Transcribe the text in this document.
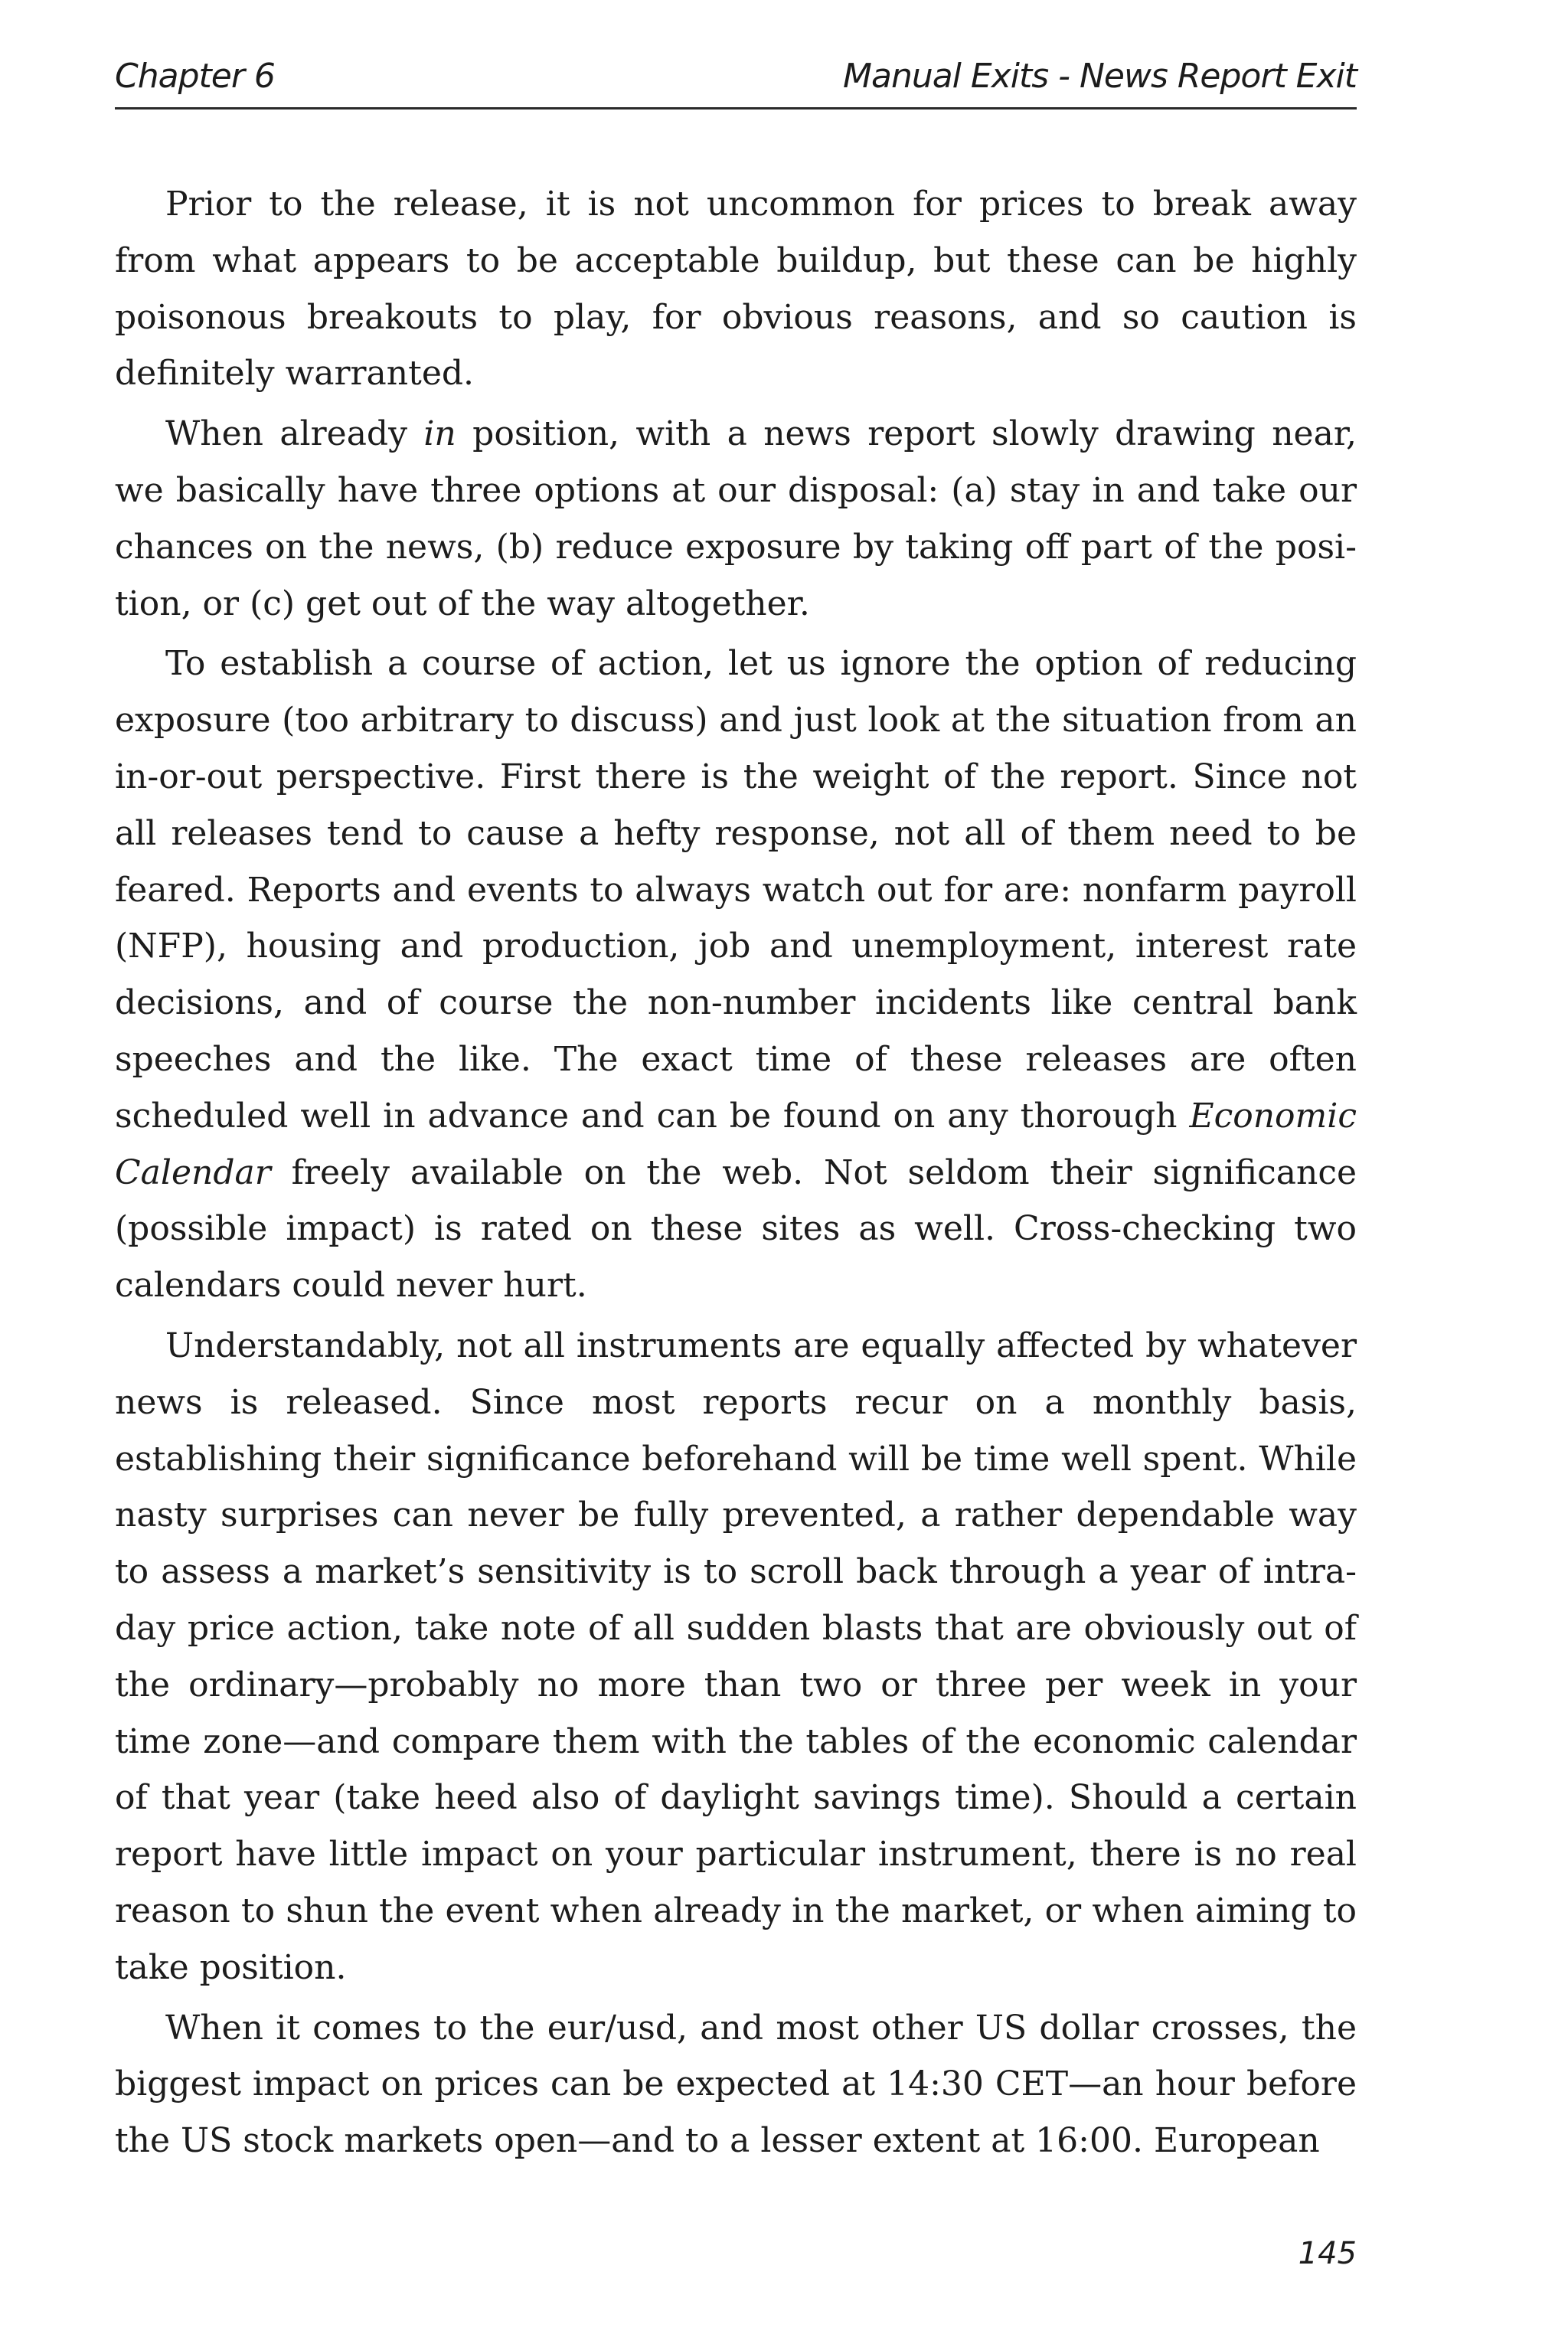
Chapter 6	Manual Exits - News Report Exit

Prior to the release, it is not uncommon for prices to break away from what appears to be acceptable buildup, but these can be highly poisonous breakouts to play, for obvious reasons, and so caution is definitely warranted.

When already in position, with a news report slowly drawing near, we basically have three options at our disposal: (a) stay in and take our chances on the news, (b) reduce exposure by taking off part of the position, or (c) get out of the way altogether.

To establish a course of action, let us ignore the option of reducing exposure (too arbitrary to discuss) and just look at the situation from an in-or-out perspective. First there is the weight of the report. Since not all releases tend to cause a hefty response, not all of them need to be feared. Reports and events to always watch out for are: nonfarm payroll (NFP), housing and production, job and unemployment, interest rate decisions, and of course the non-number incidents like central bank speeches and the like. The exact time of these releases are often scheduled well in advance and can be found on any thorough Economic Calendar freely available on the web. Not seldom their significance (possible impact) is rated on these sites as well. Cross-checking two calendars could never hurt.

Understandably, not all instruments are equally affected by whatever news is released. Since most reports recur on a monthly basis, establishing their significance beforehand will be time well spent. While nasty surprises can never be fully prevented, a rather dependable way to assess a market’s sensitivity is to scroll back through a year of intraday price action, take note of all sudden blasts that are obviously out of the ordinary—probably no more than two or three per week in your time zone—and compare them with the tables of the economic calendar of that year (take heed also of daylight savings time). Should a certain report have little impact on your particular instrument, there is no real reason to shun the event when already in the market, or when aiming to take position.

When it comes to the eur/usd, and most other US dollar crosses, the biggest impact on prices can be expected at 14:30 CET—an hour before the US stock markets open—and to a lesser extent at 16:00. European

145
